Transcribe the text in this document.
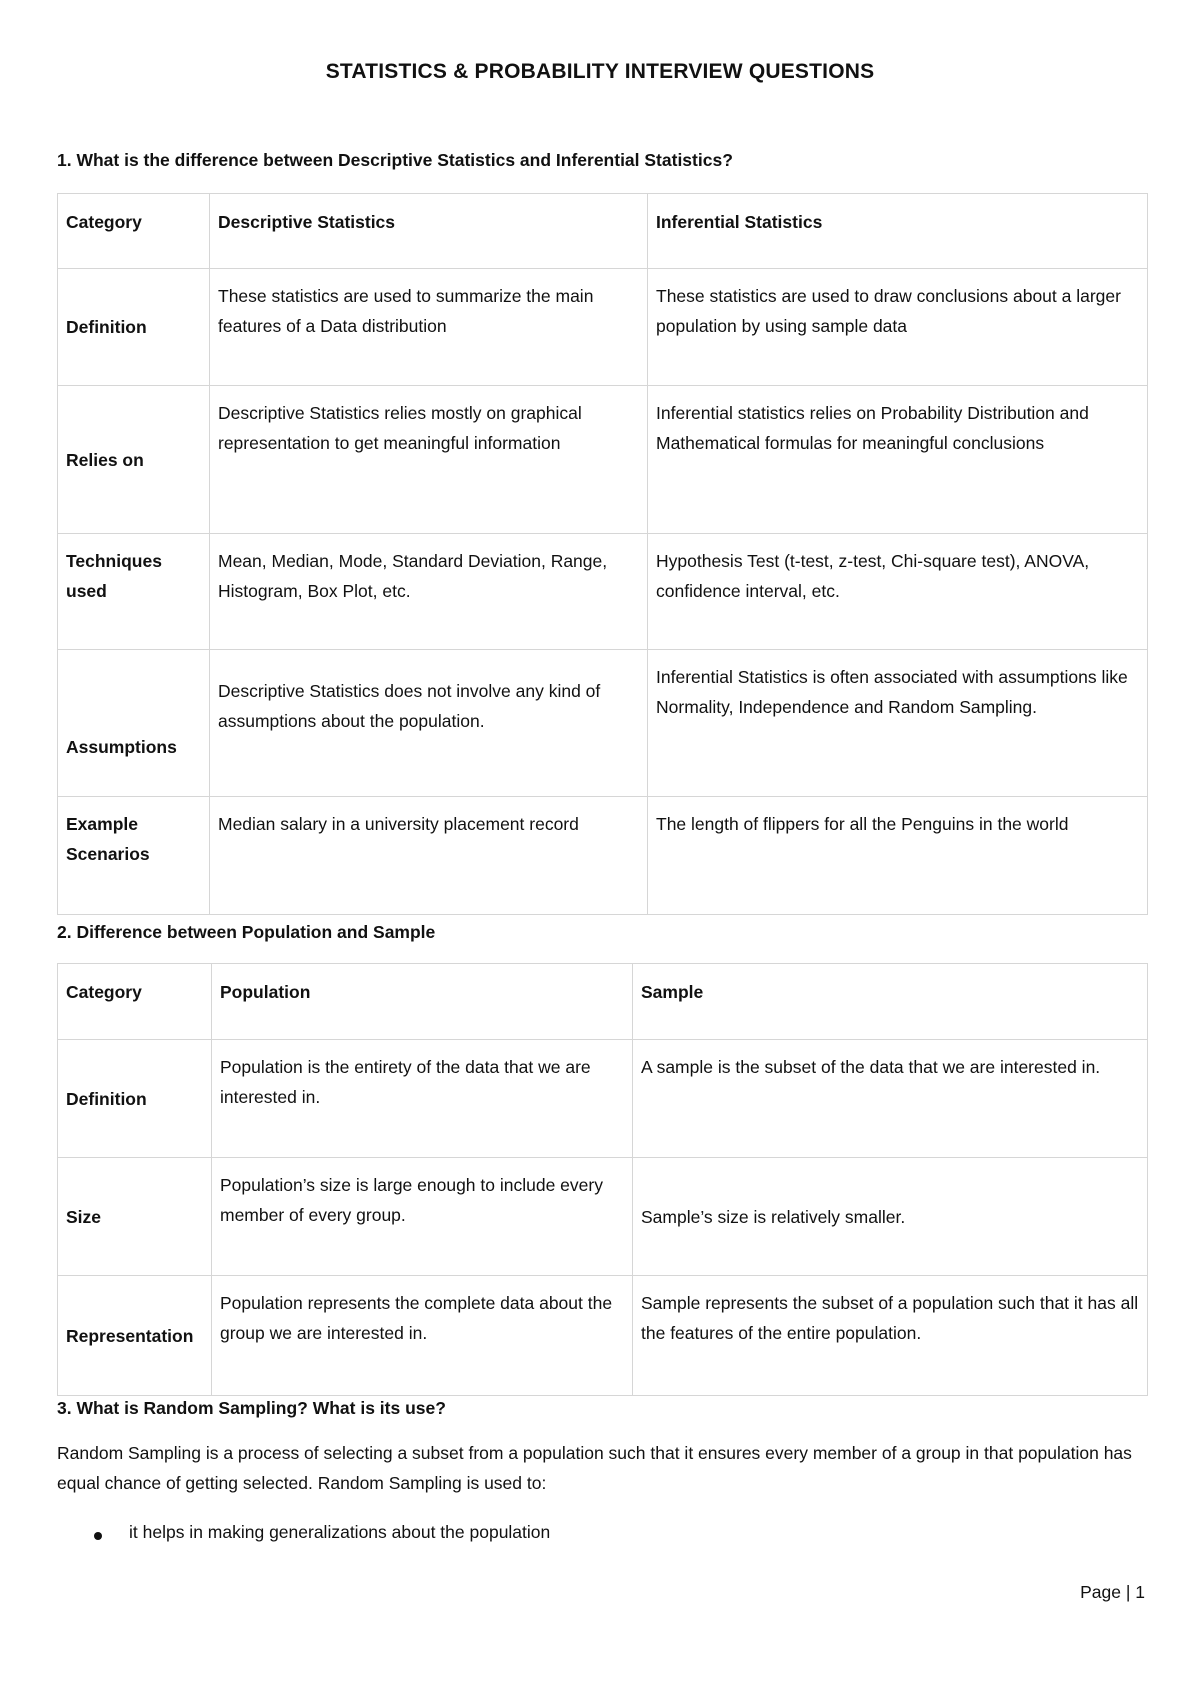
STATISTICS & PROBABILITY INTERVIEW QUESTIONS
1. What is the difference between Descriptive Statistics and Inferential Statistics?
Category	Descriptive Statistics	Inferential Statistics
Definition	These statistics are used to summarize the main features of a Data distribution	These statistics are used to draw conclusions about a larger population by using sample data
Relies on	Descriptive Statistics relies mostly on graphical representation to get meaningful information	Inferential statistics relies on Probability Distribution and Mathematical formulas for meaningful conclusions
Techniques used	Mean, Median, Mode, Standard Deviation, Range, Histogram, Box Plot, etc.	Hypothesis Test (t-test, z-test, Chi-square test), ANOVA, confidence interval, etc.
Assumptions	Descriptive Statistics does not involve any kind of assumptions about the population.	Inferential Statistics is often associated with assumptions like Normality, Independence and Random Sampling.
Example Scenarios	Median salary in a university placement record	The length of flippers for all the Penguins in the world
2. Difference between Population and Sample
Category	Population	Sample
Definition	Population is the entirety of the data that we are interested in.	A sample is the subset of the data that we are interested in.
Size	Population’s size is large enough to include every member of every group.	Sample’s size is relatively smaller.
Representation	Population represents the complete data about the group we are interested in.	Sample represents the subset of a population such that it has all the features of the entire population.
3. What is Random Sampling? What is its use?
Random Sampling is a process of selecting a subset from a population such that it ensures every member of a group in that population has equal chance of getting selected. Random Sampling is used to:
it helps in making generalizations about the population
Page | 1
